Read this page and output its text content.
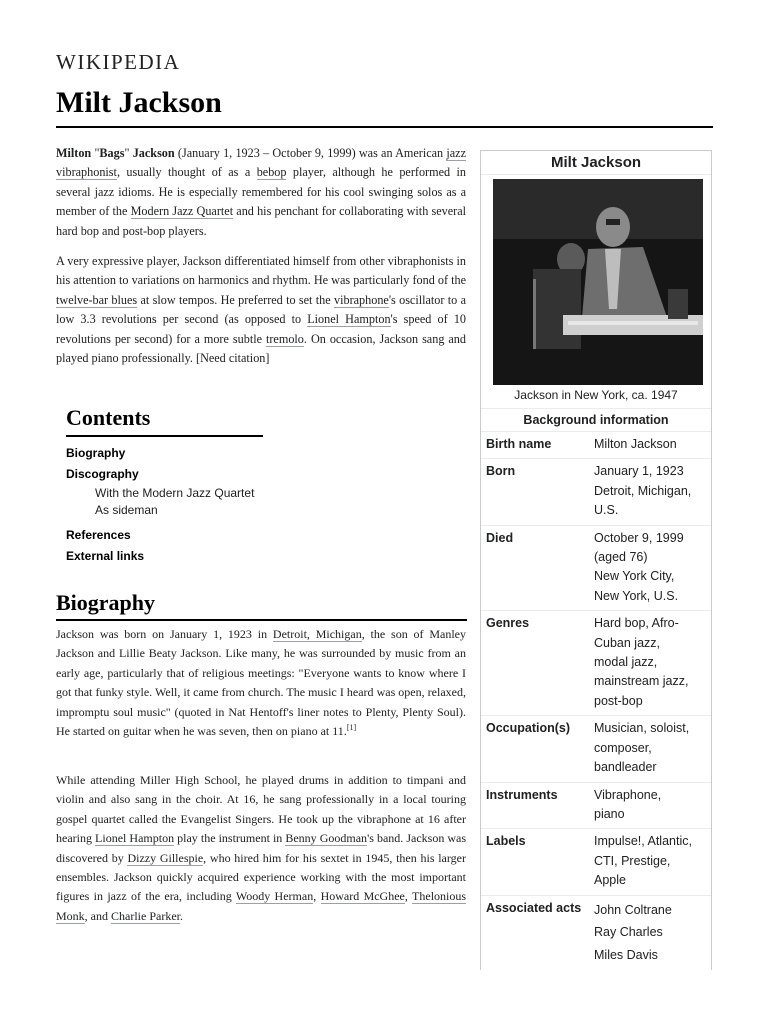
WIKIPEDIA
Milt Jackson

Milton "Bags" Jackson (January 1, 1923 – October 9, 1999) was an American jazz vibraphonist, usually thought of as a bebop player, although he performed in several jazz idioms. He is especially remembered for his cool swinging solos as a member of the Modern Jazz Quartet and his penchant for collaborating with several hard bop and post-bop players.

A very expressive player, Jackson differentiated himself from other vibraphonists in his attention to variations on harmonics and rhythm. He was particularly fond of the twelve-bar blues at slow tempos. He preferred to set the vibraphone's oscillator to a low 3.3 revolutions per second (as opposed to Lionel Hampton's speed of 10 revolutions per second) for a more subtle tremolo. On occasion, Jackson sang and played piano professionally. [Need citation]

Contents
Biography
Discography
With the Modern Jazz Quartet
As sideman
References
External links
Biography

Jackson was born on January 1, 1923 in Detroit, Michigan, the son of Manley Jackson and Lillie Beaty Jackson. Like many, he was surrounded by music from an early age, particularly that of religious meetings: "Everyone wants to know where I got that funky style. Well, it came from church. The music I heard was open, relaxed, impromptu soul music" (quoted in Nat Hentoff's liner notes to Plenty, Plenty Soul). He started on guitar when he was seven, then on piano at 11.[1]

While attending Miller High School, he played drums in addition to timpani and violin and also sang in the choir. At 16, he sang professionally in a local touring gospel quartet called the Evangelist Singers. He took up the vibraphone at 16 after hearing Lionel Hampton play the instrument in Benny Goodman's band. Jackson was discovered by Dizzy Gillespie, who hired him for his sextet in 1945, then his larger ensembles. Jackson quickly acquired experience working with the most important figures in jazz of the era, including Woody Herman, Howard McGhee, Thelonious Monk, and Charlie Parker.

Milt Jackson
Jackson in New York, ca. 1947
Background information
Birth name	Milton Jackson
Born	January 1, 1923
Detroit, Michigan,
U.S.
Died	October 9, 1999
(aged 76)
New York City,
New York, U.S.
Genres	Hard bop, Afro-
Cuban jazz,
modal jazz,
mainstream jazz,
post-bop
Occupation(s)	Musician, soloist,
composer,
bandleader
Instruments	Vibraphone,
piano
Labels	Impulse!, Atlantic,
CTI, Prestige,
Apple
Associated acts	John Coltrane
Ray Charles
Miles Davis
